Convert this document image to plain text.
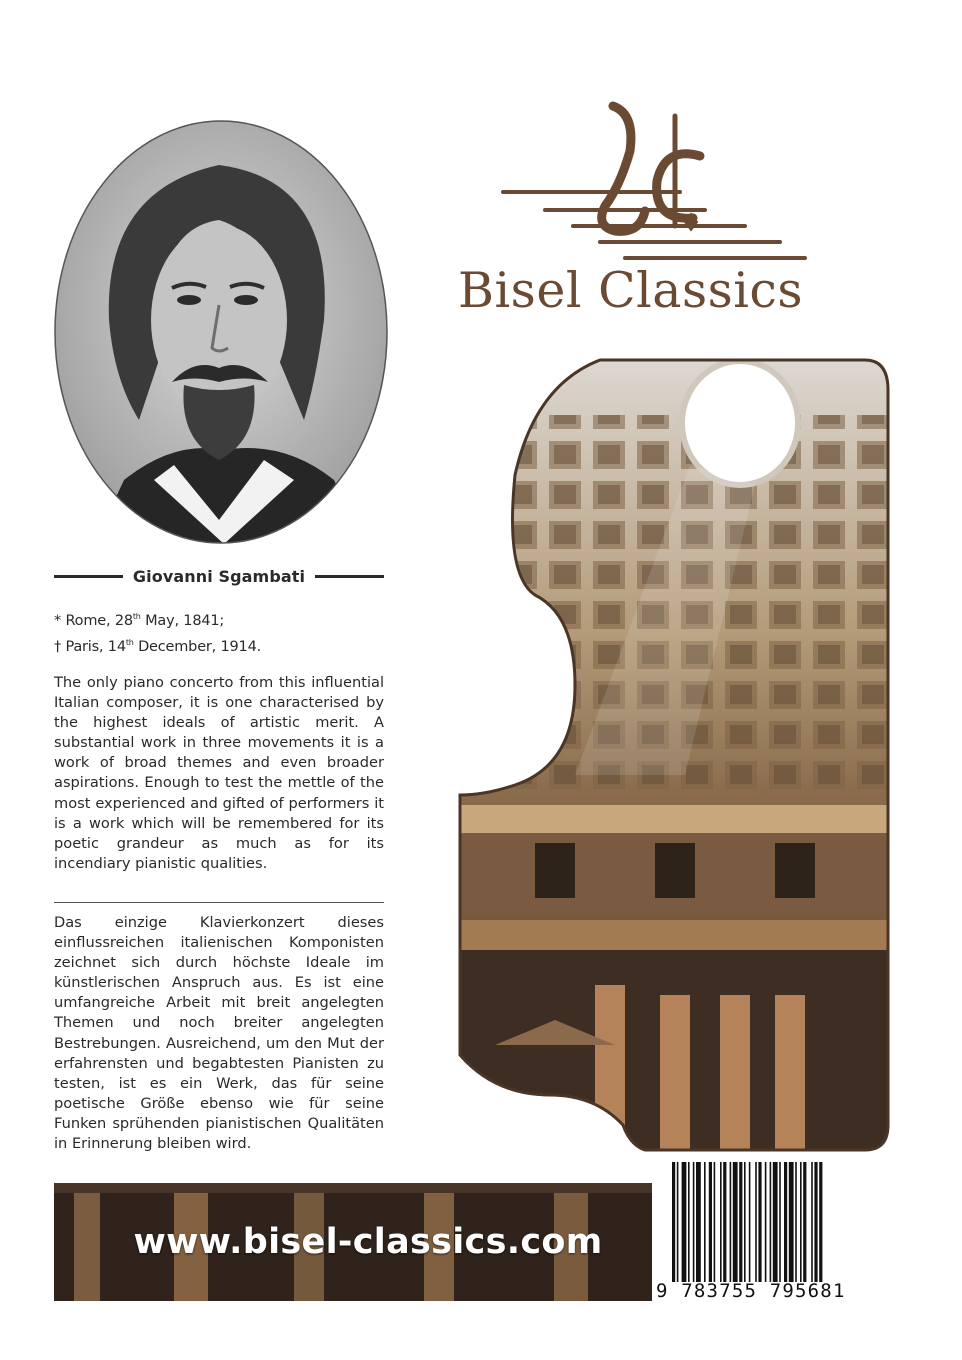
Giovanni Sgambati
* Rome, 28th May, 1841;
† Paris, 14th December, 1914.
The only piano concerto from this influential Italian composer, it is one characterised by the highest ideals of artistic merit. A substantial work in three movements it is a work of broad themes and even broader aspirations. Enough to test the mettle of the most experienced and gifted of performers it is a work which will be remembered for its poetic grandeur as much as for its incendiary pianistic qualities.
Das einzige Klavierkonzert dieses einflussreichen italienischen Komponisten zeichnet sich durch höchste Ideale im künstlerischen Anspruch aus. Es ist eine umfangreiche Arbeit mit breit angelegten Themen und noch breiter angelegten Bestrebungen. Ausreichend, um den Mut der erfahrensten und begabtesten Pianisten zu testen, ist es ein Werk, das für seine poetische Größe ebenso wie für seine Funken sprühenden pianistischen Qualitäten in Erinnerung bleiben wird.
Bisel Classics
www.bisel-classics.com
9 783755 795681
